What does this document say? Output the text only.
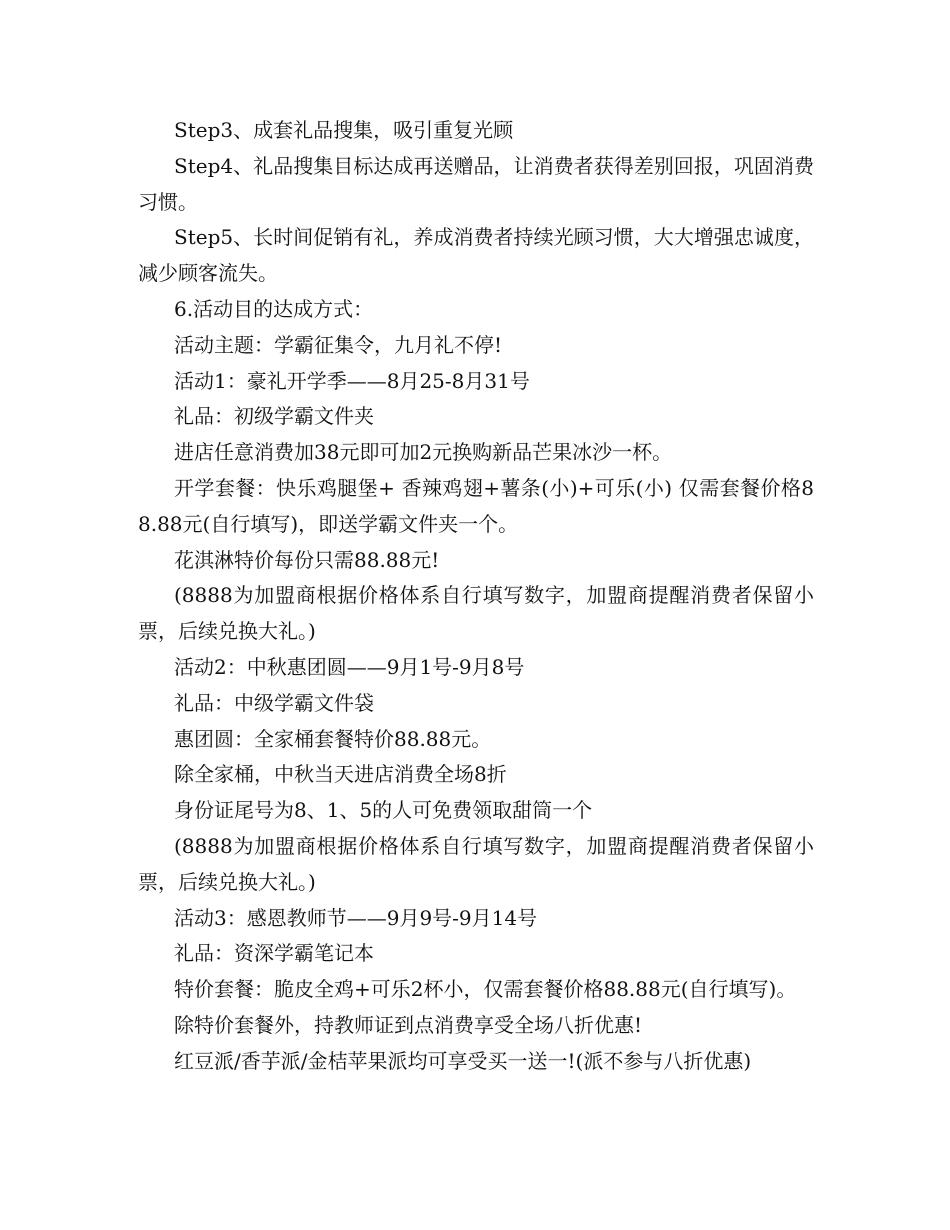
Step3、成套礼品搜集，吸引重复光顾

Step4、礼品搜集目标达成再送赠品，让消费者获得差别回报，巩固消费习惯。

Step5、长时间促销有礼，养成消费者持续光顾习惯，大大增强忠诚度，减少顾客流失。

6.活动目的达成方式：

活动主题：学霸征集令，九月礼不停!

活动1：豪礼开学季——8月25-8月31号

礼品：初级学霸文件夹

进店任意消费加38元即可加2元换购新品芒果冰沙一杯。

开学套餐：快乐鸡腿堡+ 香辣鸡翅+薯条(小)+可乐(小) 仅需套餐价格88.88元(自行填写)，即送学霸文件夹一个。

花淇淋特价每份只需88.88元!

(8888为加盟商根据价格体系自行填写数字，加盟商提醒消费者保留小票，后续兑换大礼。)

活动2：中秋惠团圆——9月1号-9月8号

礼品：中级学霸文件袋

惠团圆：全家桶套餐特价88.88元。

除全家桶，中秋当天进店消费全场8折

身份证尾号为8、1、5的人可免费领取甜筒一个

(8888为加盟商根据价格体系自行填写数字，加盟商提醒消费者保留小票，后续兑换大礼。)

活动3：感恩教师节——9月9号-9月14号

礼品：资深学霸笔记本

特价套餐：脆皮全鸡+可乐2杯小，仅需套餐价格88.88元(自行填写)。

除特价套餐外，持教师证到点消费享受全场八折优惠!

红豆派/香芋派/金桔苹果派均可享受买一送一!(派不参与八折优惠)
